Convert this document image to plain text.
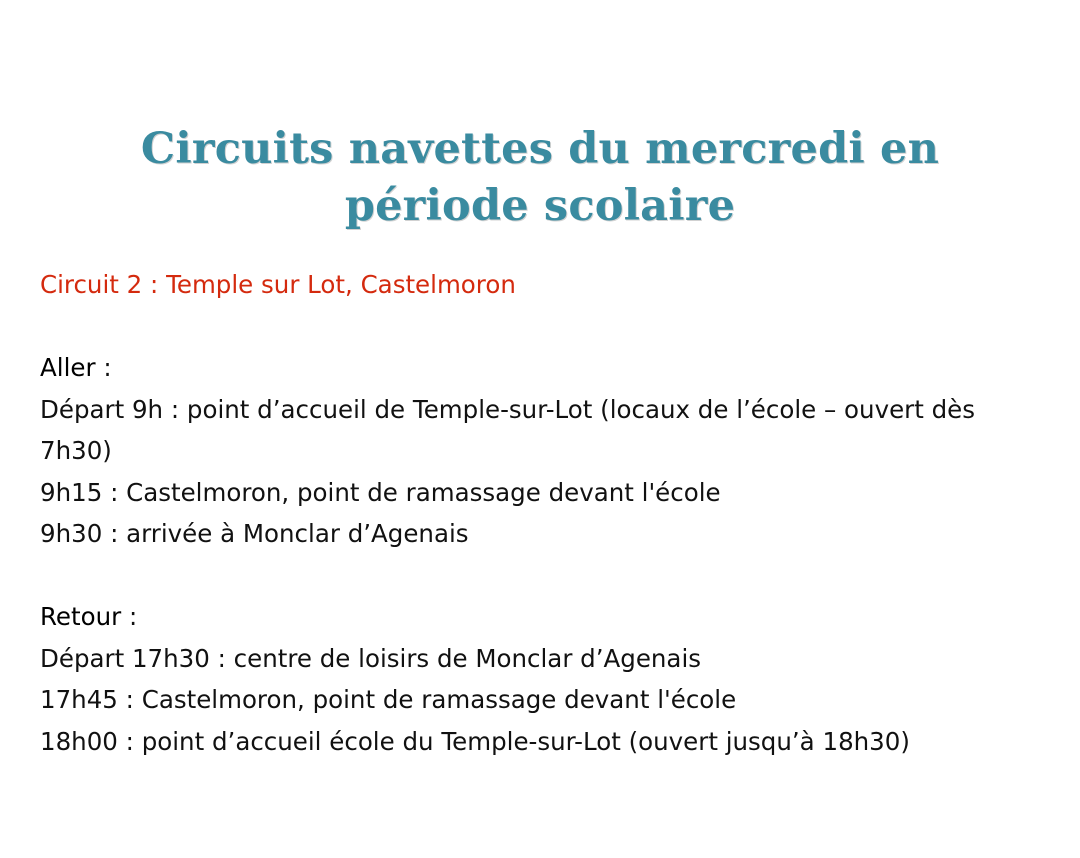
Circuits navettes du mercredi en
période scolaire

Circuit 2 : Temple sur Lot, Castelmoron

Aller :

Départ 9h : point d’accueil de Temple-sur-Lot (locaux de l’école – ouvert dès

7h30)

9h15 : Castelmoron, point de ramassage devant l'école

9h30 : arrivée à Monclar d’Agenais

Retour :

Départ 17h30 : centre de loisirs de Monclar d’Agenais

17h45 : Castelmoron, point de ramassage devant l'école

18h00 : point d’accueil école du Temple-sur-Lot (ouvert jusqu’à 18h30)
